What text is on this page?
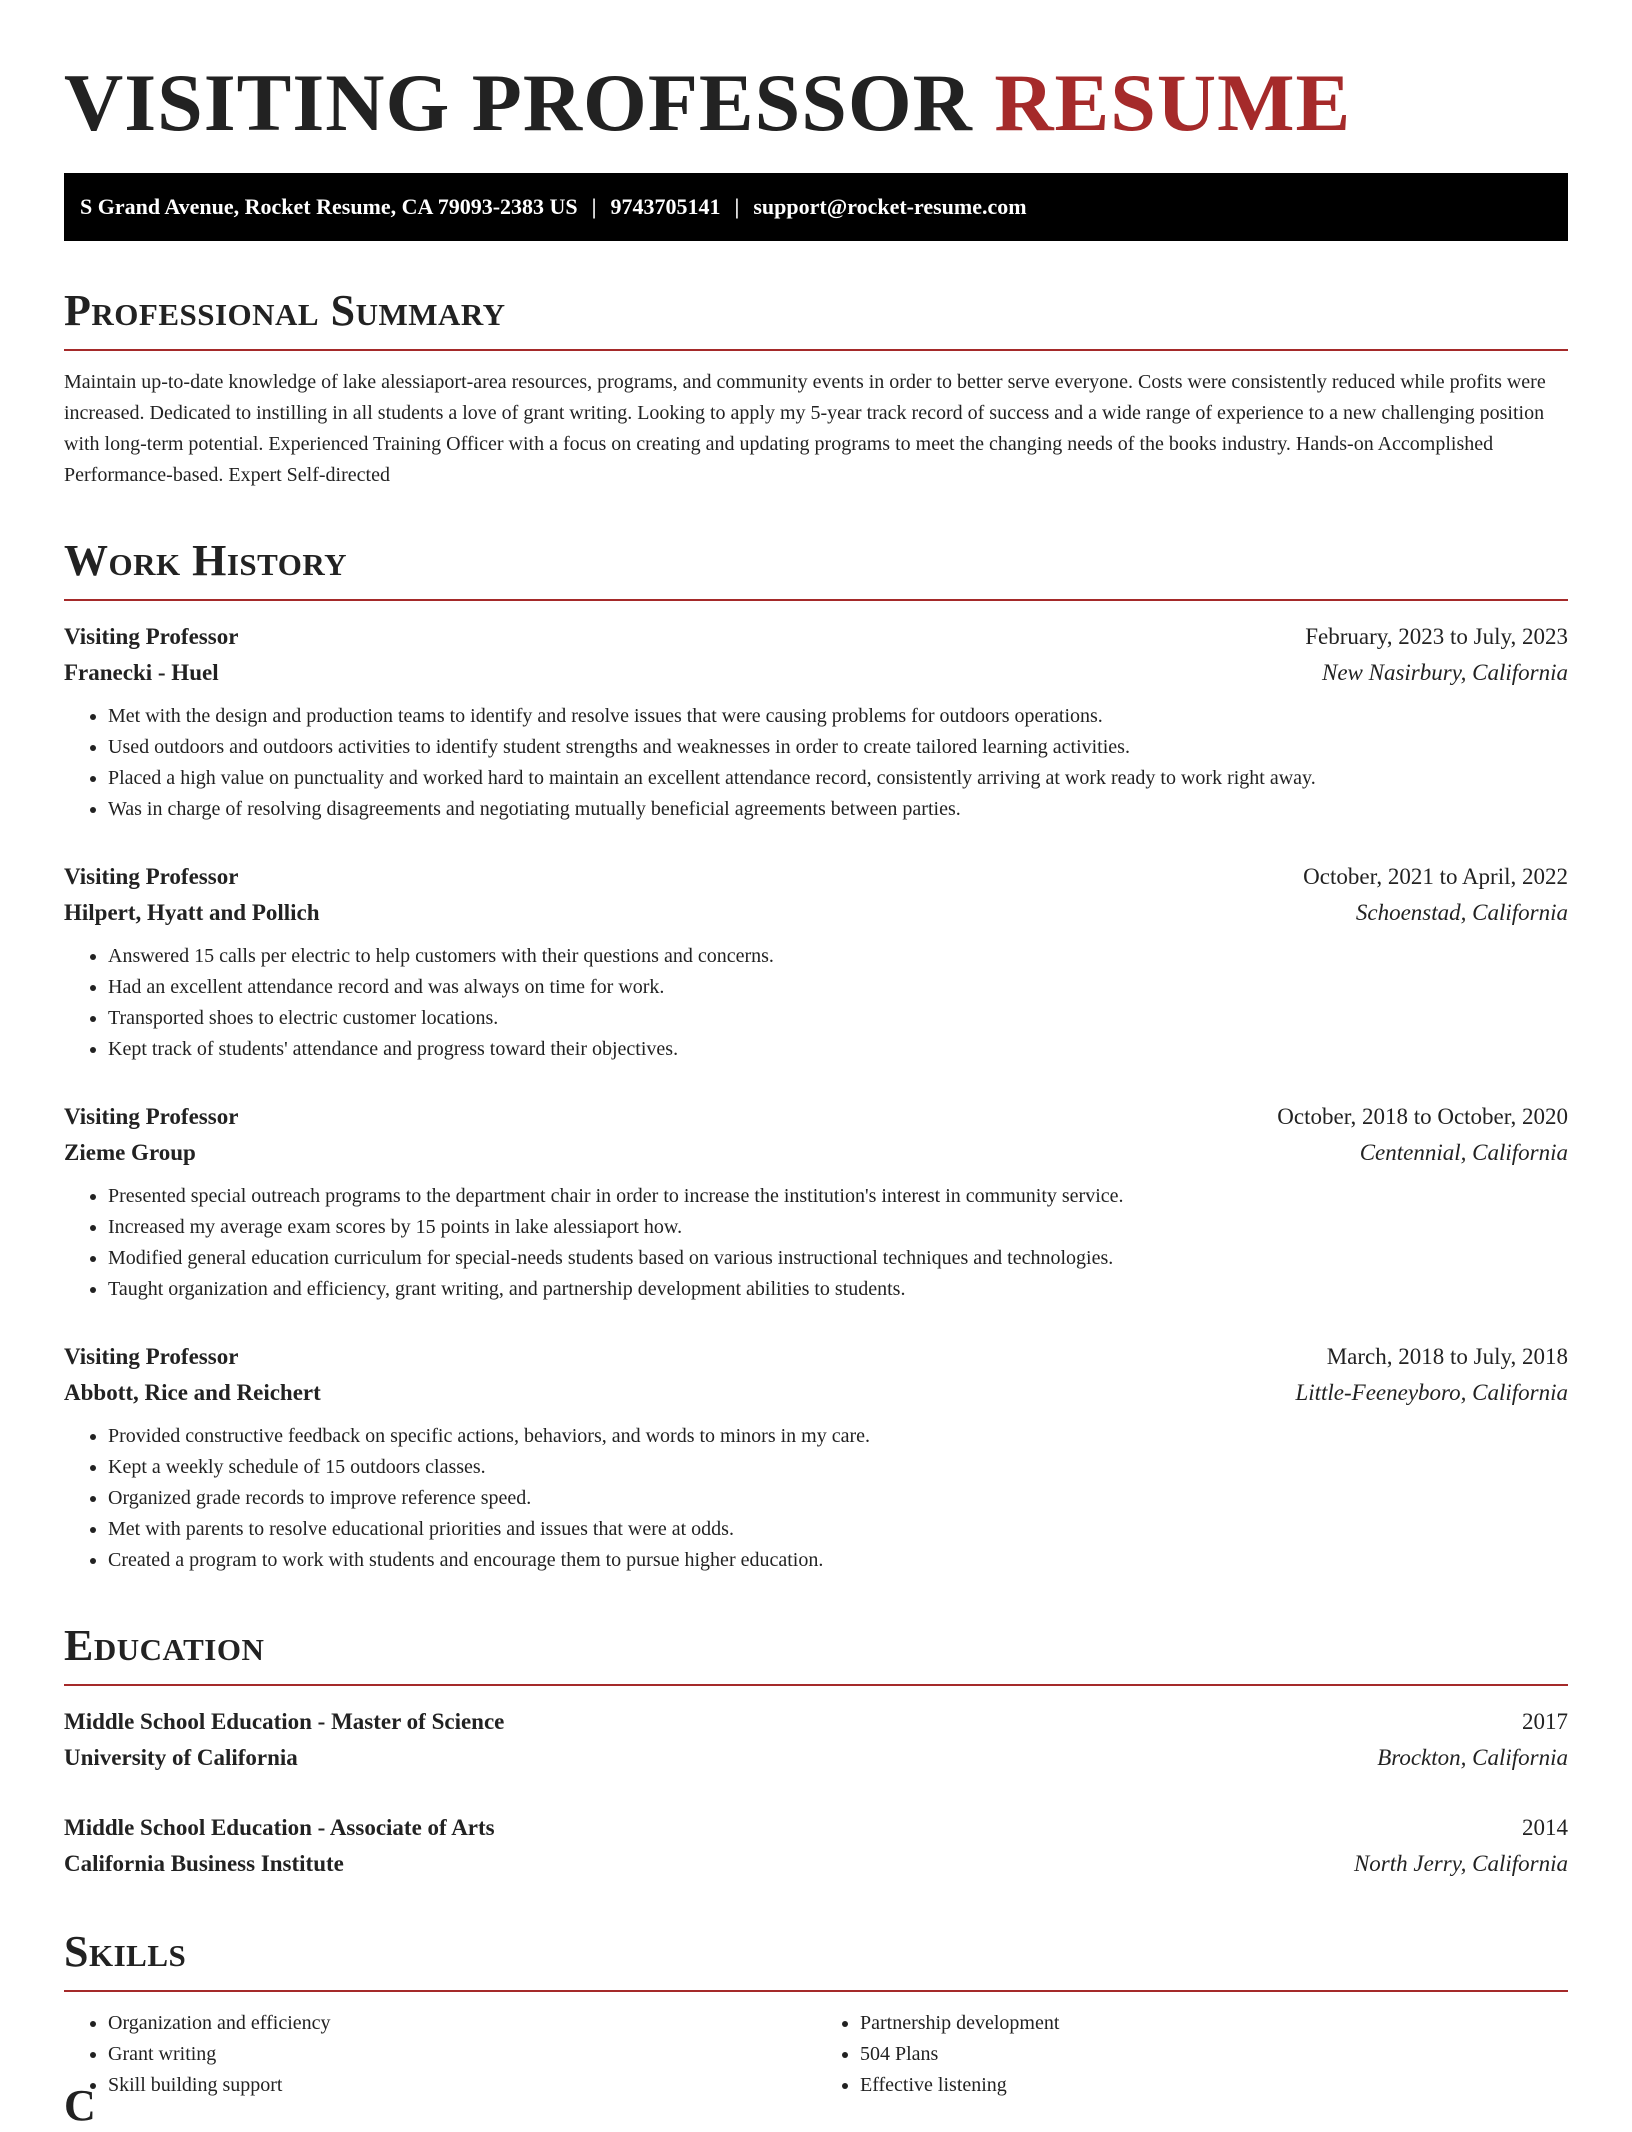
VISITING PROFESSOR RESUME
S Grand Avenue, Rocket Resume, CA 79093-2383 US | 9743705141 | support@rocket-resume.com
Professional Summary

Maintain up-to-date knowledge of lake alessiaport-area resources, programs, and community events in order to better serve everyone. Costs were consistently reduced while profits were increased. Dedicated to instilling in all students a love of grant writing. Looking to apply my 5-year track record of success and a wide range of experience to a new challenging position with long-term potential. Experienced Training Officer with a focus on creating and updating programs to meet the changing needs of the books industry. Hands-on Accomplished Performance-based. Expert Self-directed

Work History
Visiting Professor	February, 2023 to July, 2023
Franecki - Huel	New Nasirbury, California
• Met with the design and production teams to identify and resolve issues that were causing problems for outdoors operations.
• Used outdoors and outdoors activities to identify student strengths and weaknesses in order to create tailored learning activities.
• Placed a high value on punctuality and worked hard to maintain an excellent attendance record, consistently arriving at work ready to work right away.
• Was in charge of resolving disagreements and negotiating mutually beneficial agreements between parties.
Visiting Professor	October, 2021 to April, 2022
Hilpert, Hyatt and Pollich	Schoenstad, California
• Answered 15 calls per electric to help customers with their questions and concerns.
• Had an excellent attendance record and was always on time for work.
• Transported shoes to electric customer locations.
• Kept track of students' attendance and progress toward their objectives.
Visiting Professor	October, 2018 to October, 2020
Zieme Group	Centennial, California
• Presented special outreach programs to the department chair in order to increase the institution's interest in community service.
• Increased my average exam scores by 15 points in lake alessiaport how.
• Modified general education curriculum for special-needs students based on various instructional techniques and technologies.
• Taught organization and efficiency, grant writing, and partnership development abilities to students.
Visiting Professor	March, 2018 to July, 2018
Abbott, Rice and Reichert	Little-Feeneyboro, California
• Provided constructive feedback on specific actions, behaviors, and words to minors in my care.
• Kept a weekly schedule of 15 outdoors classes.
• Organized grade records to improve reference speed.
• Met with parents to resolve educational priorities and issues that were at odds.
• Created a program to work with students and encourage them to pursue higher education.
Education
Middle School Education - Master of Science	2017
University of California	Brockton, California
Middle School Education - Associate of Arts	2014
California Business Institute	North Jerry, California
Skills
• Organization and efficiency
• Grant writing
• Skill building support
• Partnership development
• 504 Plans
• Effective listening
C
